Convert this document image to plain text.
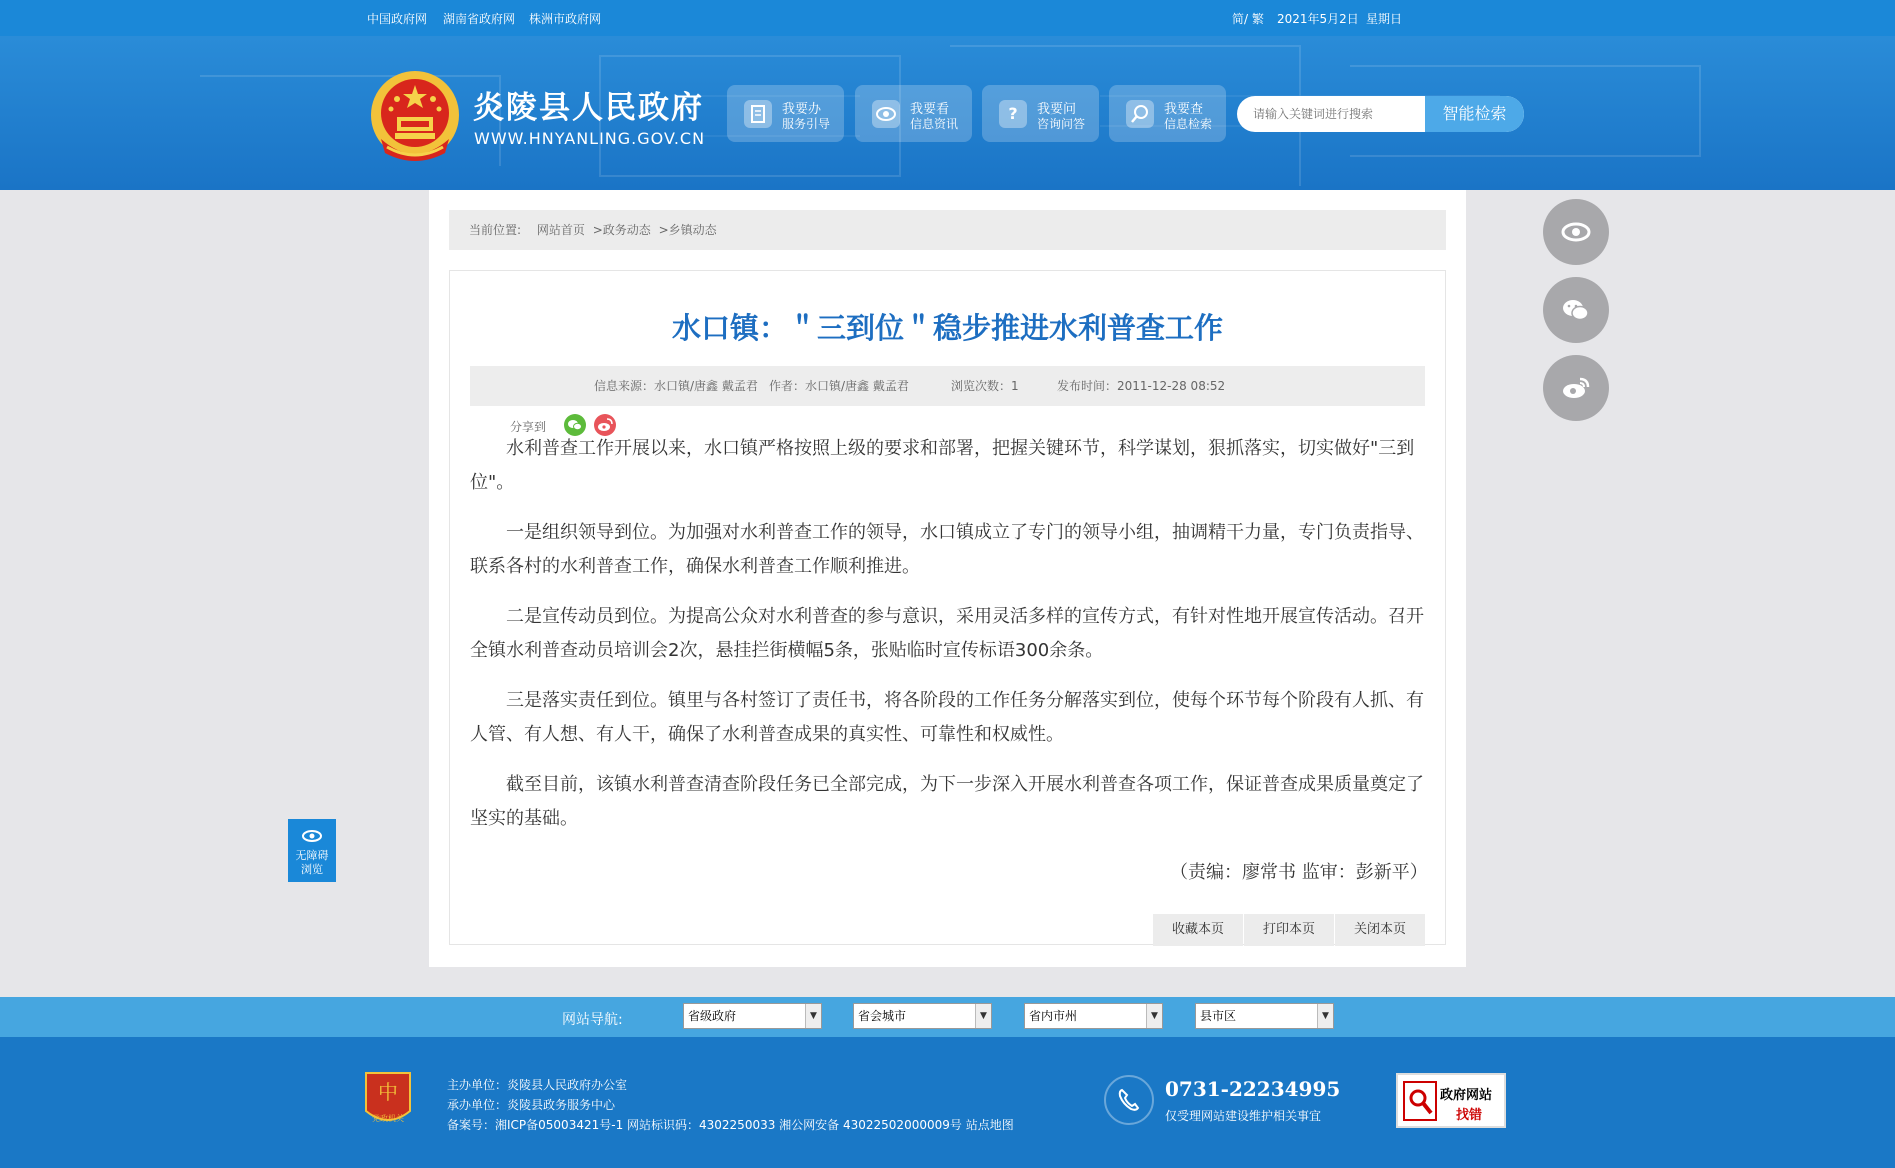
中国政府网 湖南省政府网 株洲市政府网	简/ 繁 2021年5月2日 星期日
炎陵县人民政府
WWW.HNYANLING.GOV.CN
我要办
服务引导
我要看
信息资讯
?	我要问
咨询问答
我要查
信息检索
请输入关键词进行搜索
智能检索
当前位置: 网站首页 >政务动态 >乡镇动态
水口镇：＂三到位＂稳步推进水利普查工作
信息来源：水口镇/唐鑫 戴孟君 作者：水口镇/唐鑫 戴孟君	浏览次数：1	发布时间：2011-12-28 08:52
分享到
水利普查工作开展以来，水口镇严格按照上级的要求和部署，把握关键环节，科学谋划，狠抓落实，切实做好"三到位"。
一是组织领导到位。为加强对水利普查工作的领导，水口镇成立了专门的领导小组，抽调精干力量，专门负责指导、联系各村的水利普查工作，确保水利普查工作顺利推进。
二是宣传动员到位。为提高公众对水利普查的参与意识，采用灵活多样的宣传方式，有针对性地开展宣传活动。召开全镇水利普查动员培训会2次，悬挂拦街横幅5条，张贴临时宣传标语300余条。
三是落实责任到位。镇里与各村签订了责任书，将各阶段的工作任务分解落实到位，使每个环节每个阶段有人抓、有人管、有人想、有人干，确保了水利普查成果的真实性、可靠性和权威性。
截至目前，该镇水利普查清查阶段任务已全部完成，为下一步深入开展水利普查各项工作，保证普查成果质量奠定了坚实的基础。
（责编：廖常书 监审：彭新平）
收藏本页	打印本页	关闭本页
无障碍
浏览
网站导航:	省级政府	▼	省会城市	▼	省内市州	▼	县市区	▼
中
党政机关
主办单位：炎陵县人民政府办公室
承办单位：炎陵县政务服务中心
备案号：湘ICP备05003421号-1 网站标识码：4302250033 湘公网安备 43022502000009号 站点地图
0731-22234995
仅受理网站建设维护相关事宜
政府网站
找错
